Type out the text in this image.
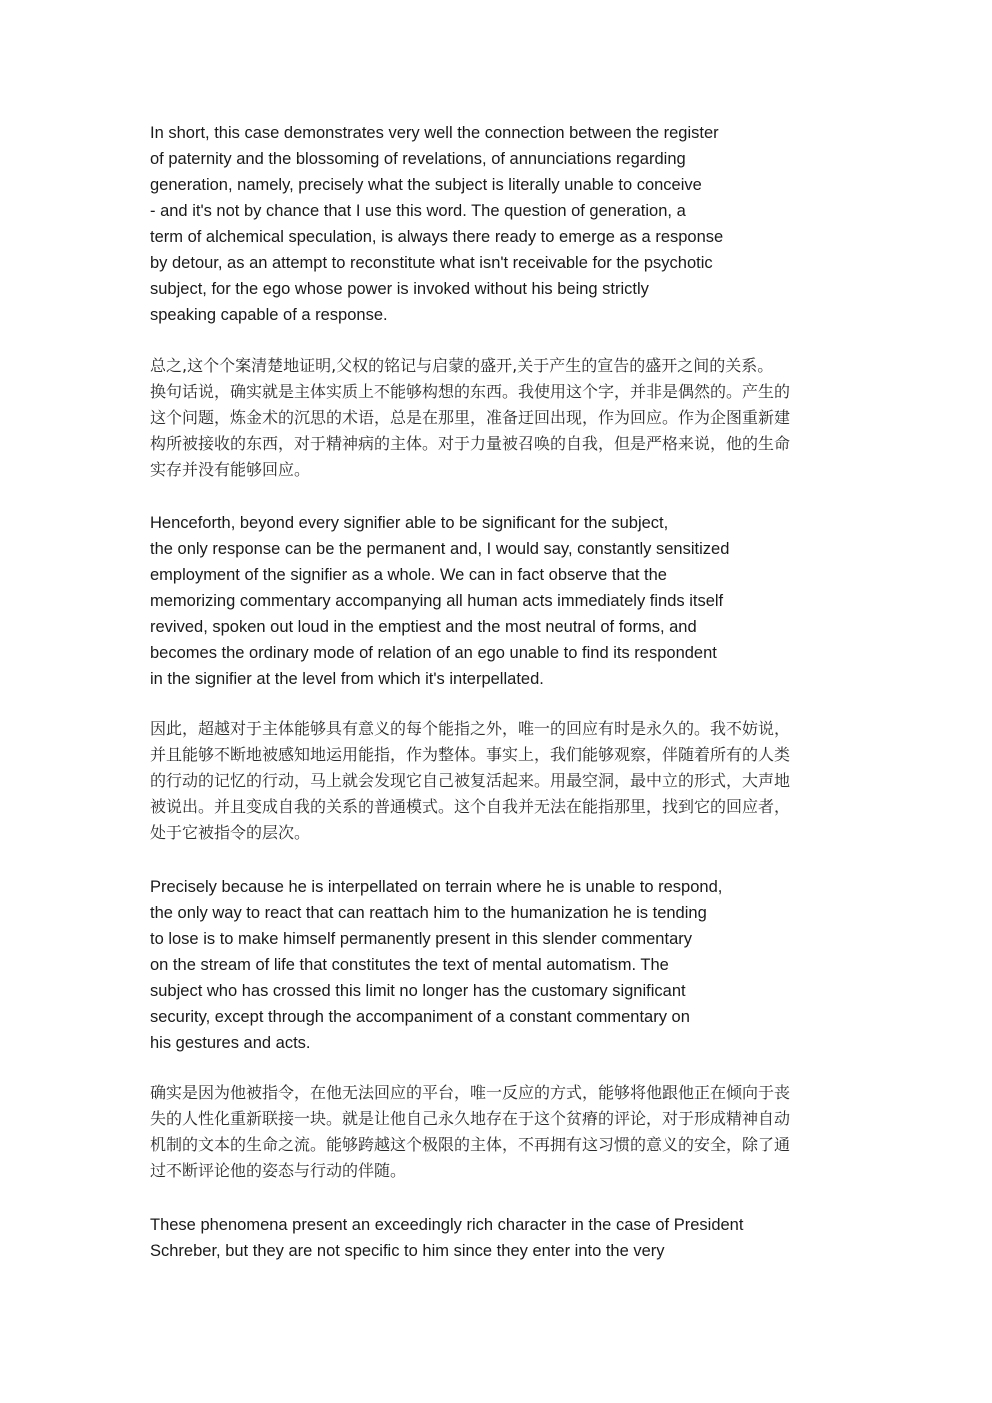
In short, this case demonstrates very well the connection between the register
of paternity and the blossoming of revelations, of annunciations regarding
generation, namely, precisely what the subject is literally unable to conceive
- and it's not by chance that I use this word. The question of generation, a
term of alchemical speculation, is always there ready to emerge as a response
by detour, as an attempt to reconstitute what isn't receivable for the psychotic
subject, for the ego whose power is invoked without his being strictly
speaking capable of a response.
总之,这个个案清楚地证明,父权的铭记与启蒙的盛开,关于产生的宣告的盛开之间的关系。
换句话说，确实就是主体实质上不能够构想的东西。我使用这个字，并非是偶然的。产生的
这个问题，炼金术的沉思的术语，总是在那里，准备迂回出现，作为回应。作为企图重新建
构所被接收的东西，对于精神病的主体。对于力量被召唤的自我，但是严格来说，他的生命
实存并没有能够回应。
Henceforth, beyond every signifier able to be significant for the subject,
the only response can be the permanent and, I would say, constantly sensitized
employment of the signifier as a whole. We can in fact observe that the
memorizing commentary accompanying all human acts immediately finds itself
revived, spoken out loud in the emptiest and the most neutral of forms, and
becomes the ordinary mode of relation of an ego unable to find its respondent
in the signifier at the level from which it's interpellated.
因此，超越对于主体能够具有意义的每个能指之外，唯一的回应有时是永久的。我不妨说，
并且能够不断地被感知地运用能指，作为整体。事实上，我们能够观察，伴随着所有的人类
的行动的记忆的行动，马上就会发现它自己被复活起来。用最空洞，最中立的形式，大声地
被说出。并且变成自我的关系的普通模式。这个自我并无法在能指那里，找到它的回应者，
处于它被指令的层次。
Precisely because he is interpellated on terrain where he is unable to respond,
the only way to react that can reattach him to the humanization he is tending
to lose is to make himself permanently present in this slender commentary
on the stream of life that constitutes the text of mental automatism. The
subject who has crossed this limit no longer has the customary significant
security, except through the accompaniment of a constant commentary on
his gestures and acts.
确实是因为他被指令，在他无法回应的平台，唯一反应的方式，能够将他跟他正在倾向于丧
失的人性化重新联接一块。就是让他自己永久地存在于这个贫瘠的评论，对于形成精神自动
机制的文本的生命之流。能够跨越这个极限的主体，不再拥有这习惯的意义的安全，除了通
过不断评论他的姿态与行动的伴随。
These phenomena present an exceedingly rich character in the case of President
Schreber, but they are not specific to him since they enter into the very
